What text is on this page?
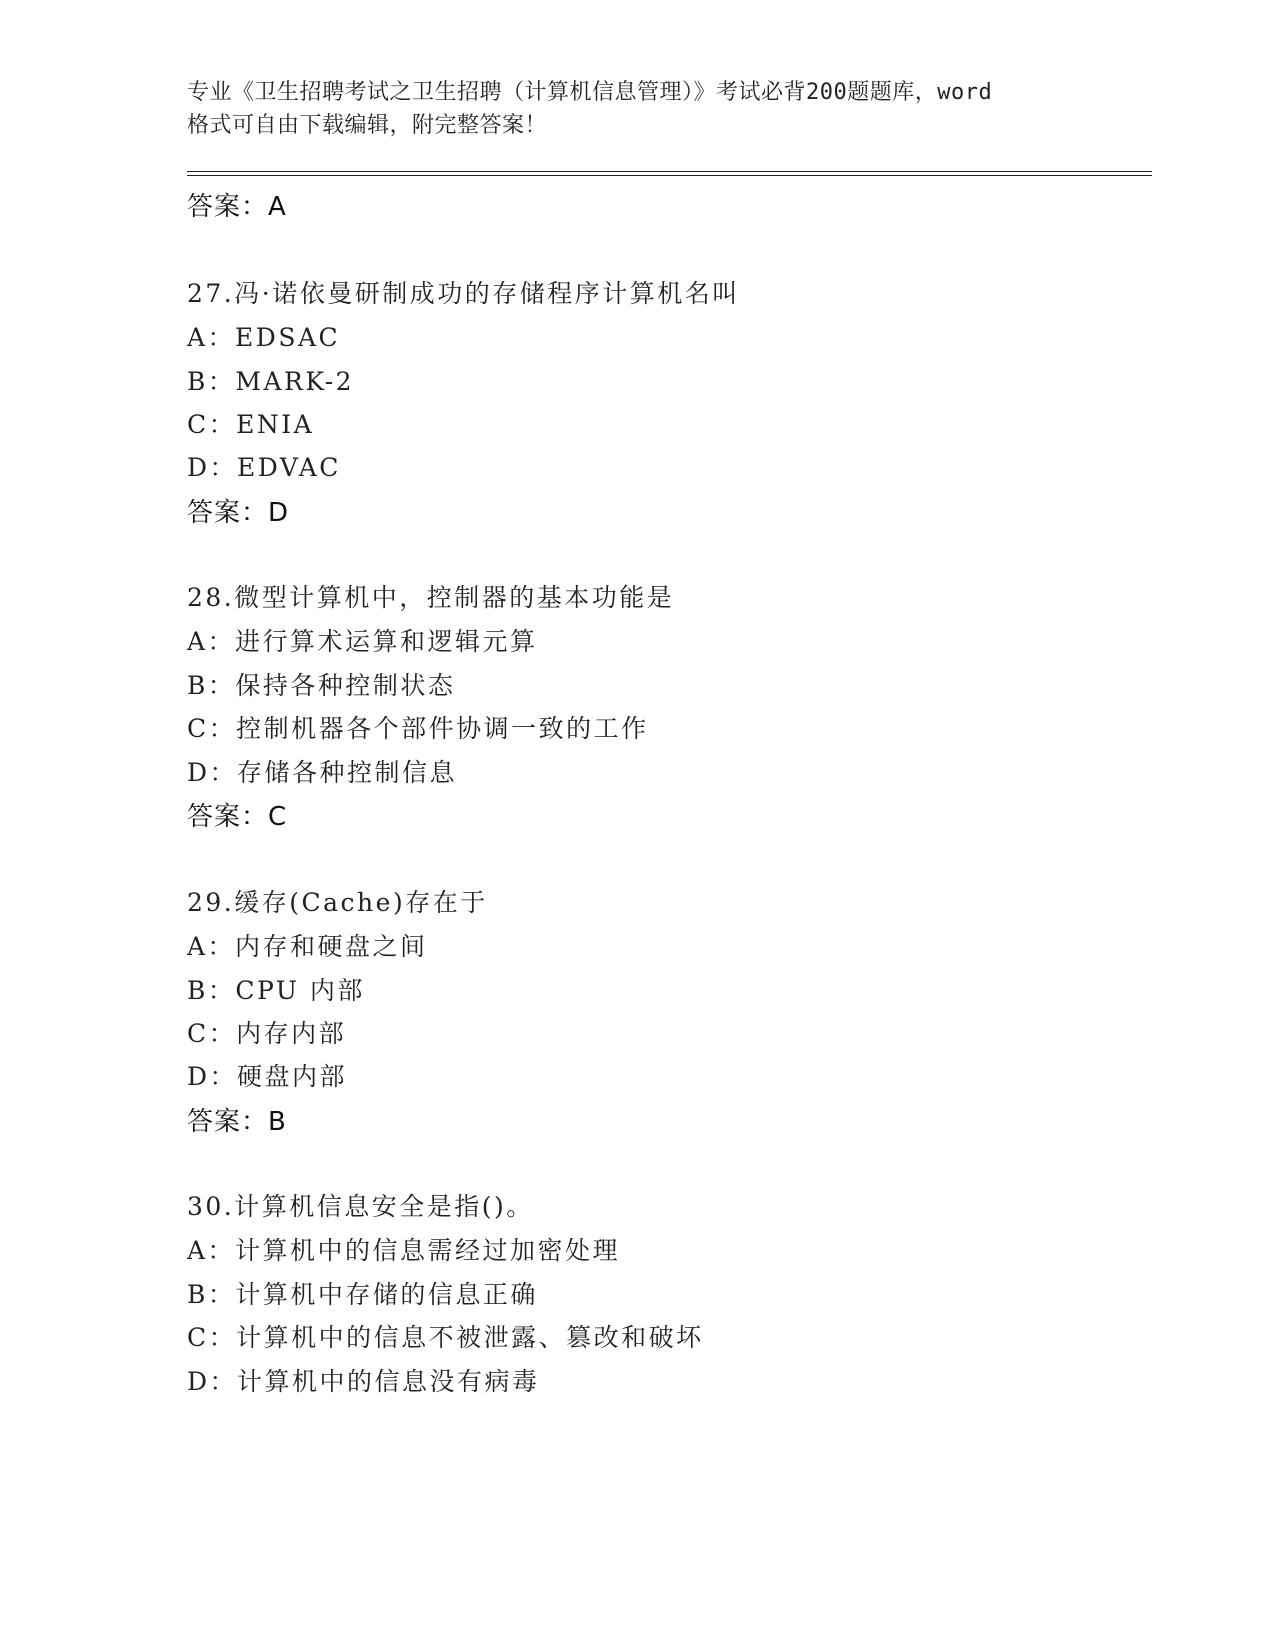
专业《卫生招聘考试之卫生招聘（计算机信息管理）》考试必背200题题库，word
格式可自由下载编辑，附完整答案！
答案：A
27.冯·诺依曼研制成功的存储程序计算机名叫
A：EDSAC
B：MARK-2
C：ENIA
D：EDVAC
答案：D
28.微型计算机中，控制器的基本功能是
A：进行算术运算和逻辑元算
B：保持各种控制状态
C：控制机器各个部件协调一致的工作
D：存储各种控制信息
答案：C
29.缓存(Cache)存在于
A：内存和硬盘之间
B：CPU 内部
C：内存内部
D：硬盘内部
答案：B
30.计算机信息安全是指()。
A：计算机中的信息需经过加密处理
B：计算机中存储的信息正确
C：计算机中的信息不被泄露、篡改和破坏
D：计算机中的信息没有病毒
